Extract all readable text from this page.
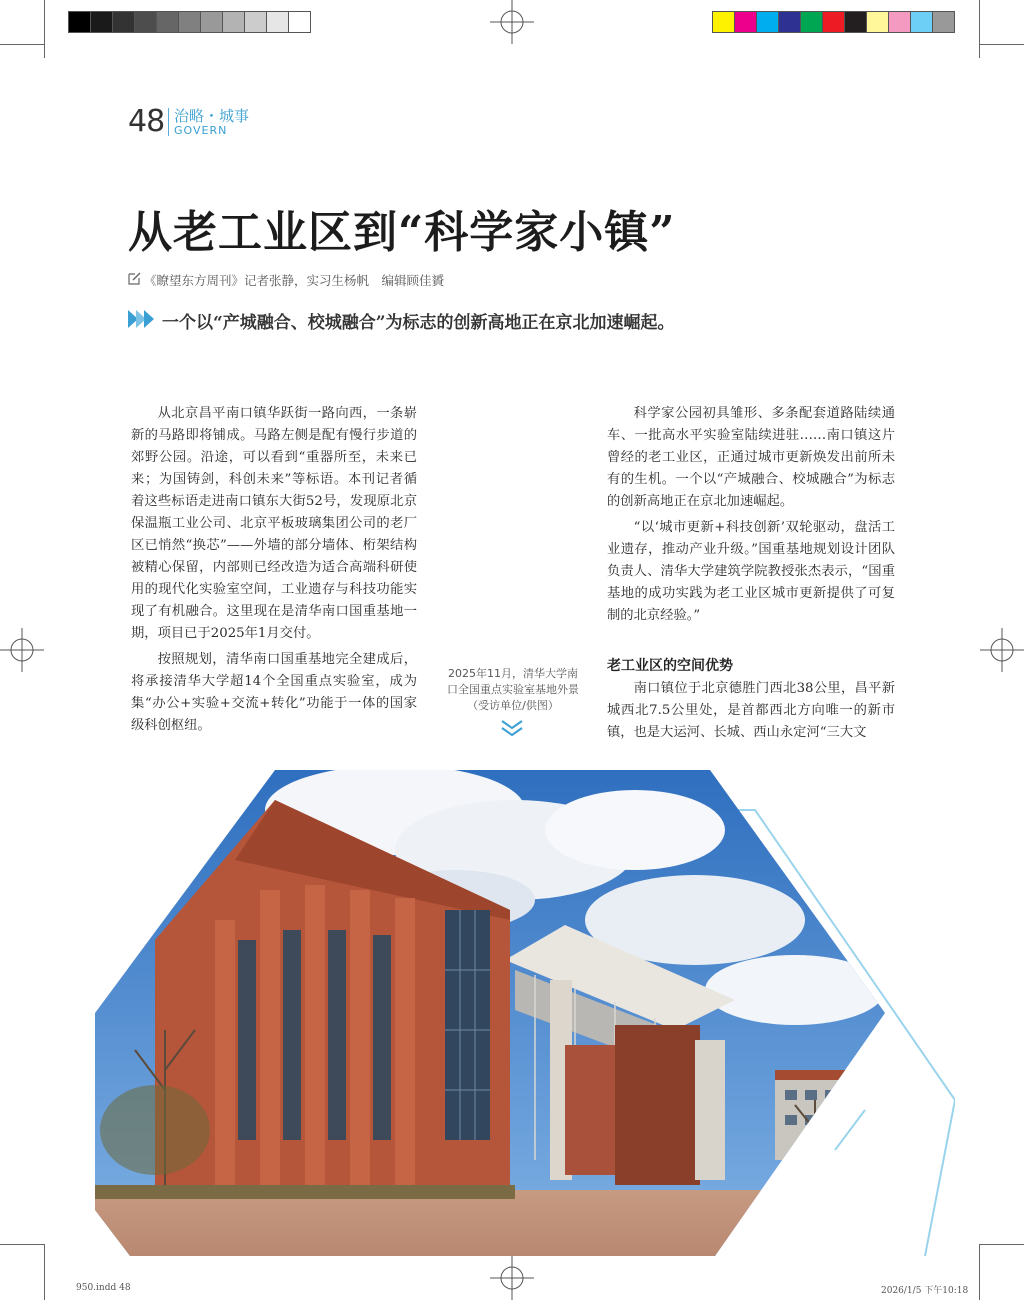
48 治略・城事
GOVERN
从老工业区到“科学家小镇”
《瞭望东方周刊》记者张静，实习生杨帆　编辑顾佳贇
一个以“产城融合、校城融合”为标志的创新高地正在京北加速崛起。

从北京昌平南口镇华跃街一路向西，一条崭新的马路即将铺成。马路左侧是配有慢行步道的郊野公园。沿途，可以看到“重器所至，未来已来；为国铸剑，科创未来”等标语。本刊记者循着这些标语走进南口镇东大街52号，发现原北京保温瓶工业公司、北京平板玻璃集团公司的老厂区已悄然“换芯”——外墙的部分墙体、桁架结构被精心保留，内部则已经改造为适合高端科研使用的现代化实验室空间，工业遗存与科技功能实现了有机融合。这里现在是清华南口国重基地一期，项目已于2025年1月交付。

按照规划，清华南口国重基地完全建成后，将承接清华大学超14个全国重点实验室，成为集“办公+实验+交流+转化”功能于一体的国家级科创枢纽。

科学家公园初具雏形、多条配套道路陆续通车、一批高水平实验室陆续进驻……南口镇这片曾经的老工业区，正通过城市更新焕发出前所未有的生机。一个以“产城融合、校城融合”为标志的创新高地正在京北加速崛起。

“以‘城市更新+科技创新’双轮驱动，盘活工业遗存，推动产业升级。”国重基地规划设计团队负责人、清华大学建筑学院教授张杰表示，“国重基地的成功实践为老工业区城市更新提供了可复制的北京经验。”

老工业区的空间优势

南口镇位于北京德胜门西北38公里，昌平新城西北7.5公里处，是首都西北方向唯一的新市镇，也是大运河、长城、西山永定河“三大文

2025年11月，清华大学南口全国重点实验室基地外景（受访单位/供图）
950.indd 48	2026/1/5 下午10:18
